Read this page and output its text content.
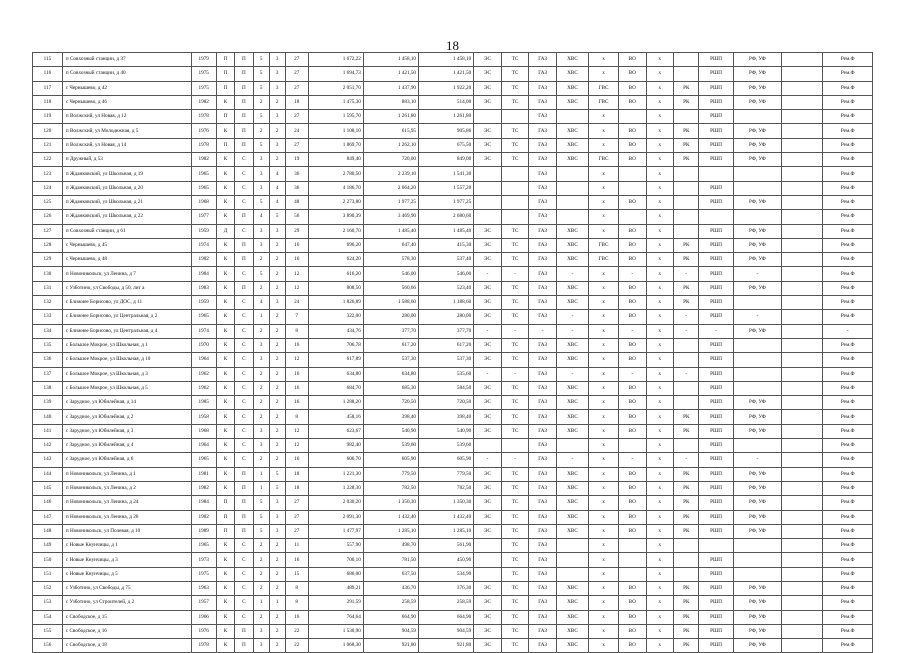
18
115	п Совхозный станции, д 37	1979	П	П	5	3	27	1 672,22	1 458,10	1 458,10	ЭС	ТС	ГАЗ	ХВС	х	ВО	х		РШП	РФ, УФ		Рем.Ф
116	п Совхозный станции, д 40	1975	П	П	5	3	27	1 694,73	1 421,50	1 421,50	ЭС	ТС	ГАЗ	ХВС	х	ВО	х		РШП	РФ, УФ		Рем.Ф
117	с Чернышево, д 42	1975	П	П	5	3	27	2 051,70	1 437,90	1 922,20	ЭС	ТС	ГАЗ	ХВС	ГВС	ВО	х	РК	РШП	РФ, УФ		Рем.Ф
118	с Чернышево, д 46	1982	К	П	2	2	18	1 475,30	883,10	514,00	ЭС	ТС	ГАЗ	ХВС	ГВС	ВО	х	РК	РШП	РФ, УФ		Рем.Ф
119	п Волжский, ул Новая, д 12	1978	П	П	5	3	27	1 595,70	1 261,80	1 261,80			ГАЗ		х		х		РШП			Рем.Ф
120	п Волжский, ул Молодежная, д 5	1976	К	П	2	2	24	1 108,10	615,95	905,86	ЭС	ТС	ГАЗ	ХВС	х	ВО	х	РК	РШП	РФ, УФ		Рем.Ф
121	п Волжский, ул Новая, д 14	1978	П	П	5	3	27	1 869,70	1 262,10	675,50	ЭС	ТС	ГАЗ	ХВС	х	ВО	х	РК	РШП	РФ, УФ		Рем.Ф
122	п Дружный, д 53	1982	К	С	3	2	19	849,40	720,00	849,00	ЭС	ТС	ГАЗ	ХВС	ГВС	ВО	х	РК	РШП	РФ, УФ		Рем.Ф
123	п Жданковский, ул Школьная, д 19	1965	К	С	3	4	36	2 780,50	2 239,10	1 541,30			ГАЗ		х		х					Рем.Ф
124	п Жданковский, ул Школьная, д 20	1965	К	С	3	4	36	4 186,70	2 664,20	1 557,20			ГАЗ		х		х		РШП			Рем.Ф
125	п Жданковский, ул Школьная, д 21	1968	К	С	5	4	48	2 273,80	1 977,25	1 977,25			ГАЗ		х	ВО	х		РШП	РФ, УФ		Рем.Ф
126	п Жданковский, ул Школьная, д 22	1977	К	П	4	5	56	3 890,39	3 469,90	2 680,60			ГАЗ		х		х					Рем.Ф
127	п Совхозный станции, д 61	1959	Д	С	3	3	29	2 160,70	1 485,40	1 485,40	ЭС	ТС	ГАЗ	ХВС	х	ВО	х		РШП	РФ, УФ		Рем.Ф
128	с Чернышево, д 45	1974	К	П	3	2	16	696,20	647,40	415,30	ЭС	ТС	ГАЗ	ХВС	ГВС	ВО	х	РК	РШП	РФ, УФ		Рем.Ф
129	с Чернышево, д 48	1982	К	П	2	2	16	624,20	578,30	537,40	ЭС	ТС	ГАЗ	ХВС	ГВС	ВО	х	РК	РШП	РФ, УФ		Рем.Ф
130	п Новоникольск, ул Ленина, д 7	1984	К	С	5	2	12	616,20	546,00	546,00	-	-	ГАЗ	-	х	-	х	-	РШП	-		Рем.Ф
131	с Узботино, ул Свободы, д 50, лит а	1983	К	П	2	2	12	808,50	560,66	523,40	ЭС	ТС	ГАЗ	ХВС	х	ВО	х	РК	РШП	РФ, УФ		Рем.Ф
132	с Ближнее Борисово, ул ДОС, д 11	1959	К	С	4	3	24	1 826,89	1 588,60	1 188,60	ЭС	ТС	ГАЗ	ХВС	х	ВО	х	РК	РШП			Рем.Ф
133	с Ближнее Борисово, ул Центральная, д 2	1965	К	С	1	2	7	322,00	280,00	280,00	ЭС	ТС	ГАЗ	-	х	ВО	х	-	РШП	-		Рем.Ф
134	с Ближнее Борисово, ул Центральная, д 4	1974	К	С	2	2	8	434,76	377,70	377,70	-	-	-	-	х	-	х	-	-	РФ, УФ		-
135	с Большое Мокрое, ул Школьная, д 1	1970	К	С	3	2	16	706,78	617,20	617,20	ЭС	ТС	ГАЗ	ХВС	х	ВО	х		РШП			Рем.Ф
136	с Большое Мокрое, ул Школьная, д 10	1964	К	С	3	2	12	617,89	537,30	537,30	ЭС	ТС	ГАЗ	ХВС	х	ВО	х		РШП			Рем.Ф
137	с Большое Мокрое, ул Школьная, д 3	1962	К	С	2	2	16	634,80	634,80	535,60	-	-	ГАЗ	-	х	-	х	-	РШП			Рем.Ф
138	с Большое Мокрое, ул Школьная, д 5	1962	К	С	2	2	16	684,70	685,30	584,50	ЭС	ТС	ГАЗ	ХВС	х	ВО	х		РШП			Рем.Ф
139	с Зарудное, ул Юбилейная, д 14	1985	К	С	2	2	16	1 288,20	720,50	720,50	ЭС	ТС	ГАЗ	ХВС	х	ВО	х		РШП	РФ, УФ		Рем.Ф
140	с Зарудное, ул Юбилейная, д 2	1958	К	С	2	2	8	458,16	398,40	398,40	ЭС	ТС	ГАЗ	ХВС	х	ВО	х	РК	РШП	РФ, УФ		Рем.Ф
141	с Зарудное, ул Юбилейная, д 3	1968	К	С	3	2	12	623,67	540,90	540,90	ЭС	ТС	ГАЗ	ХВС	х	ВО	х	РК	РШП	РФ, УФ		Рем.Ф
142	с Зарудное, ул Юбилейная, д 4	1964	К	С	3	2	12	982,40	539,60	539,60			ГАЗ		х		х		РШП			Рем.Ф
143	с Зарудное, ул Юбилейная, д 6	1965	К	С	2	2	16	606,70	605,90	605,90	-	-	ГАЗ	-	х	-	х	-	РШП	-		Рем.Ф
144	п Новоникольск, ул Ленина, д 1	1981	К	П	1	5	18	1 221,30	779,50	779,50	ЭС	ТС	ГАЗ	ХВС	х	ВО	х	РК	РШП	РФ, УФ		Рем.Ф
145	п Новоникольск, ул Ленина, д 2	1982	К	П	1	5	18	1 228,30	782,50	782,50	ЭС	ТС	ГАЗ	ХВС	х	ВО	х	РК	РШП	РФ, УФ		Рем.Ф
146	п Новоникольск, ул Ленина, д 24	1984	П	П	5	3	27	2 030,20	1 350,30	1 350,30	ЭС	ТС	ГАЗ	ХВС	х	ВО	х	РК	РШП	РФ, УФ		Рем.Ф
147	п Новоникольск, ул Ленина, д 26	1982	П	П	5	3	27	2 091,30	1 432,40	1 432,40	ЭС	ТС	ГАЗ	ХВС	х	ВО	х	РК	РШП	РФ, УФ		Рем.Ф
148	п Новоникольск, ул Полевая, д 10	1989	П	П	5	3	27	1 477,97	1 285,10	1 285,10	ЭС	ТС	ГАЗ	ХВС	х	ВО	х	РК	РШП	РФ, УФ		Рем.Ф
149	с Новые Кнунчицы, д 1	1965	К	С	2	2	11	557,90	498,70	561,90		ТС	ГАЗ		х		х					Рем.Ф
150	с Новые Кнунчицы, д 3	1973	К	С	2	2	16	700,10	781,50	450,90		ТС	ГАЗ		х		х		РШП			Рем.Ф
151	с Новые Кнунчицы, д 5	1975	К	С	2	2	15	686,00	637,50	534,90		ТС	ГАЗ		х		х		РШП			Рем.Ф
152	с Узботино, ул Свободы, д 75	1963	К	С	2	2	8	489,21	436,70	376,30	ЭС	ТС	ГАЗ	ХВС	х	ВО	х	РК	РШП	РФ, УФ		Рем.Ф
153	с Узботино, ул Строителей, д 2	1957	К	С	1	1	8	291,59	258,59	258,59	ЭС	ТС	ГАЗ	ХВС	х	ВО	х	РК	РШП	РФ, УФ		Рем.Ф
154	с Свободское, д 15	1966	К	С	2	2	16	764,64	664,90	664,90	ЭС	ТС	ГАЗ	ХВС	х	ВО	х	РК	РШП	РФ, УФ		Рем.Ф
155	с Свободское, д 16	1976	К	П	3	2	22	1 530,90	904,59	904,59	ЭС	ТС	ГАЗ	ХВС	х	ВО	х	РК	РШП	РФ, УФ		Рем.Ф
156	с Свободское, д 18	1978	К	П	3	2	22	1 068,30	921,80	921,80	ЭС	ТС	ГАЗ	ХВС	х	ВО	х	РК	РШП	РФ, УФ		Рем.Ф
